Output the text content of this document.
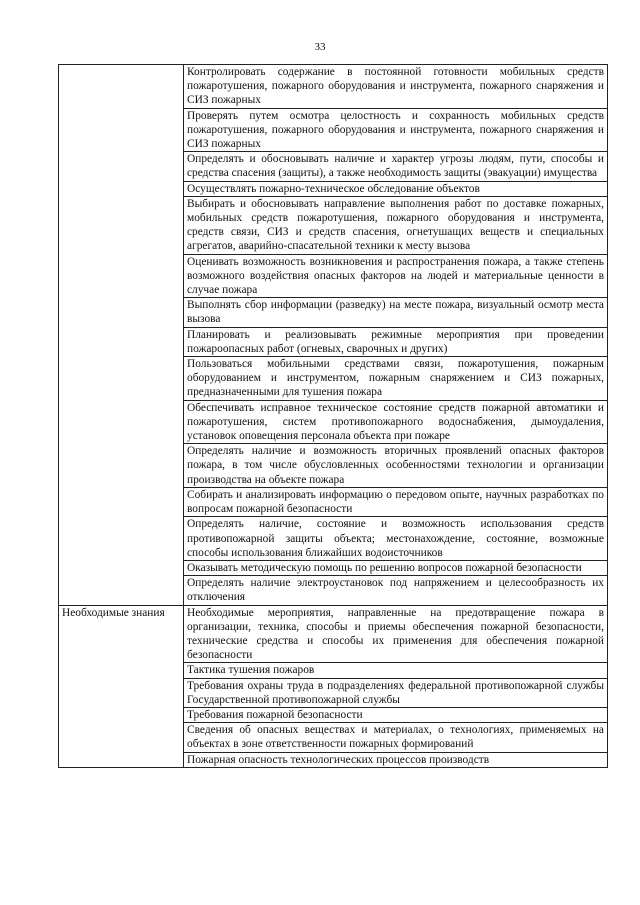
33

	Контролировать содержание в постоянной готовности мобильных средств пожаротушения, пожарного оборудования и инструмента, пожарного снаряжения и СИЗ пожарных

	Проверять путем осмотра целостность и сохранность мобильных средств пожаротушения, пожарного оборудования и инструмента, пожарного снаряжения и СИЗ пожарных

	Определять и обосновывать наличие и характер угрозы людям, пути, способы и средства спасения (защиты), а также необходимость защиты (эвакуации) имущества

	Осуществлять пожарно-техническое обследование объектов

	Выбирать и обосновывать направление выполнения работ по доставке пожарных, мобильных средств пожаротушения, пожарного оборудования и инструмента, средств связи, СИЗ и средств спасения, огнетушащих веществ и специальных агрегатов, аварийно-спасательной техники к месту вызова

	Оценивать возможность возникновения и распространения пожара, а также степень возможного воздействия опасных факторов на людей и материальные ценности в случае пожара

	Выполнять сбор информации (разведку) на месте пожара, визуальный осмотр места вызова

	Планировать и реализовывать режимные мероприятия при проведении пожароопасных работ (огневых, сварочных и других)

	Пользоваться мобильными средствами связи, пожаротушения, пожарным оборудованием и инструментом, пожарным снаряжением и СИЗ пожарных, предназначенными для тушения пожара

	Обеспечивать исправное техническое состояние средств пожарной автоматики и пожаротушения, систем противопожарного водоснабжения, дымоудаления, установок оповещения персонала объекта при пожаре

	Определять наличие и возможность вторичных проявлений опасных факторов пожара, в том числе обусловленных особенностями технологии и организации производства на объекте пожара

	Собирать и анализировать информацию о передовом опыте, научных разработках по вопросам пожарной безопасности

	Определять наличие, состояние и возможность использования средств противопожарной защиты объекта; местонахождение, состояние, возможные способы использования ближайших водоисточников

	Оказывать методическую помощь по решению вопросов пожарной безопасности

	Определять наличие электроустановок под напряжением и целесообразность их отключения

Необходимые знания	Необходимые мероприятия, направленные на предотвращение пожара в организации, техника, способы и приемы обеспечения пожарной безопасности, технические средства и способы их применения для обеспечения пожарной безопасности

	Тактика тушения пожаров

	Требования охраны труда в подразделениях федеральной противопожарной службы Государственной противопожарной службы

	Требования пожарной безопасности

	Сведения об опасных веществах и материалах, о технологиях, применяемых на объектах в зоне ответственности пожарных формирований

	Пожарная опасность технологических процессов производств
